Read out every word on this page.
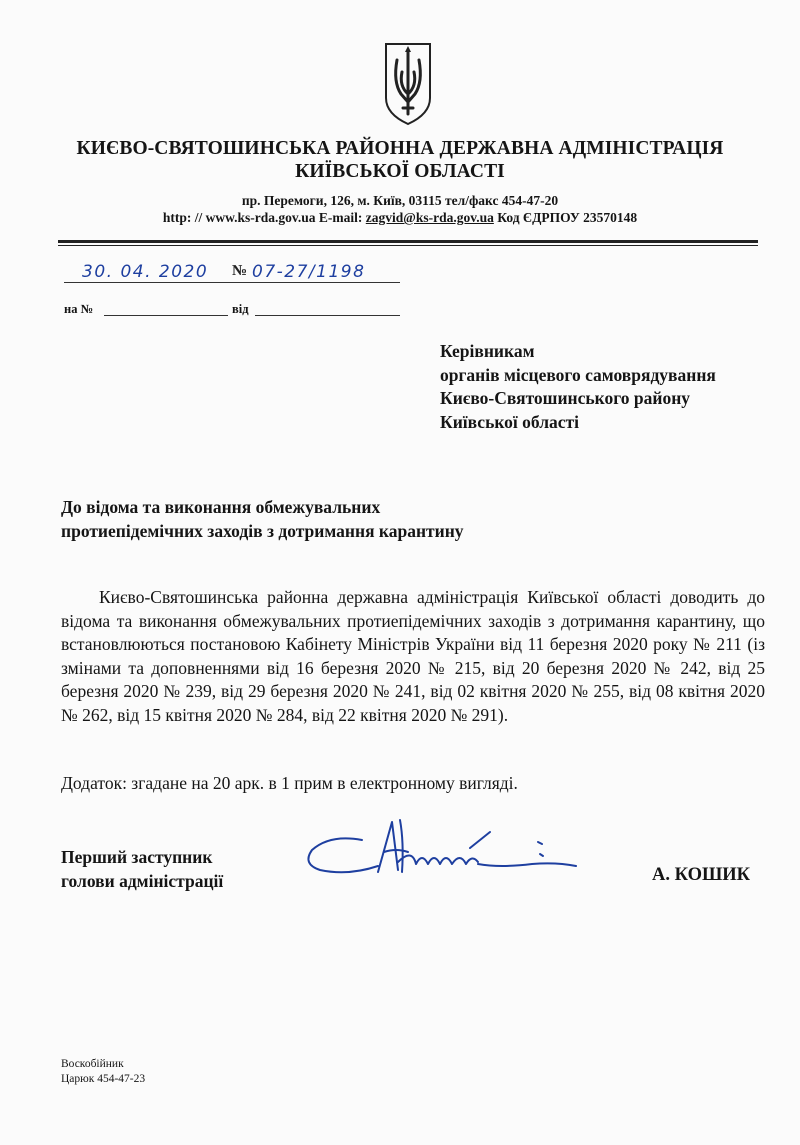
КИЄВО-СВЯТОШИНСЬКА РАЙОННА ДЕРЖАВНА АДМІНІСТРАЦІЯ
КИЇВСЬКОЇ ОБЛАСТІ
пр. Перемоги, 126, м. Київ, 03115 тел/факс 454-47-20
http: // www.ks-rda.gov.ua E-mail: zagvid@ks-rda.gov.ua Код ЄДРПОУ 23570148
30. 04. 2020 № 07-27/1198
на №	від
Керівникам
органів місцевого самоврядування
Києво-Святошинського району
Київської області
До відома та виконання обмежувальних
протиепідемічних заходів з дотримання карантину
Києво-Святошинська районна державна адміністрація Київської області доводить до відома та виконання обмежувальних протиепідемічних заходів з дотримання карантину, що встановлюються постановою Кабінету Міністрів України від 11 березня 2020 року № 211 (із змінами та доповненнями від 16 березня 2020 № 215, від 20 березня 2020 № 242, від 25 березня 2020 № 239, від 29 березня 2020 № 241, від 02 квітня 2020 № 255, від 08 квітня 2020 № 262, від 15 квітня 2020 № 284, від 22 квітня 2020 № 291).
Додаток: згадане на 20 арк. в 1 прим в електронному вигляді.
Перший заступник
голови адміністрації	А. КОШИК
Воскобійник
Царюк 454-47-23
